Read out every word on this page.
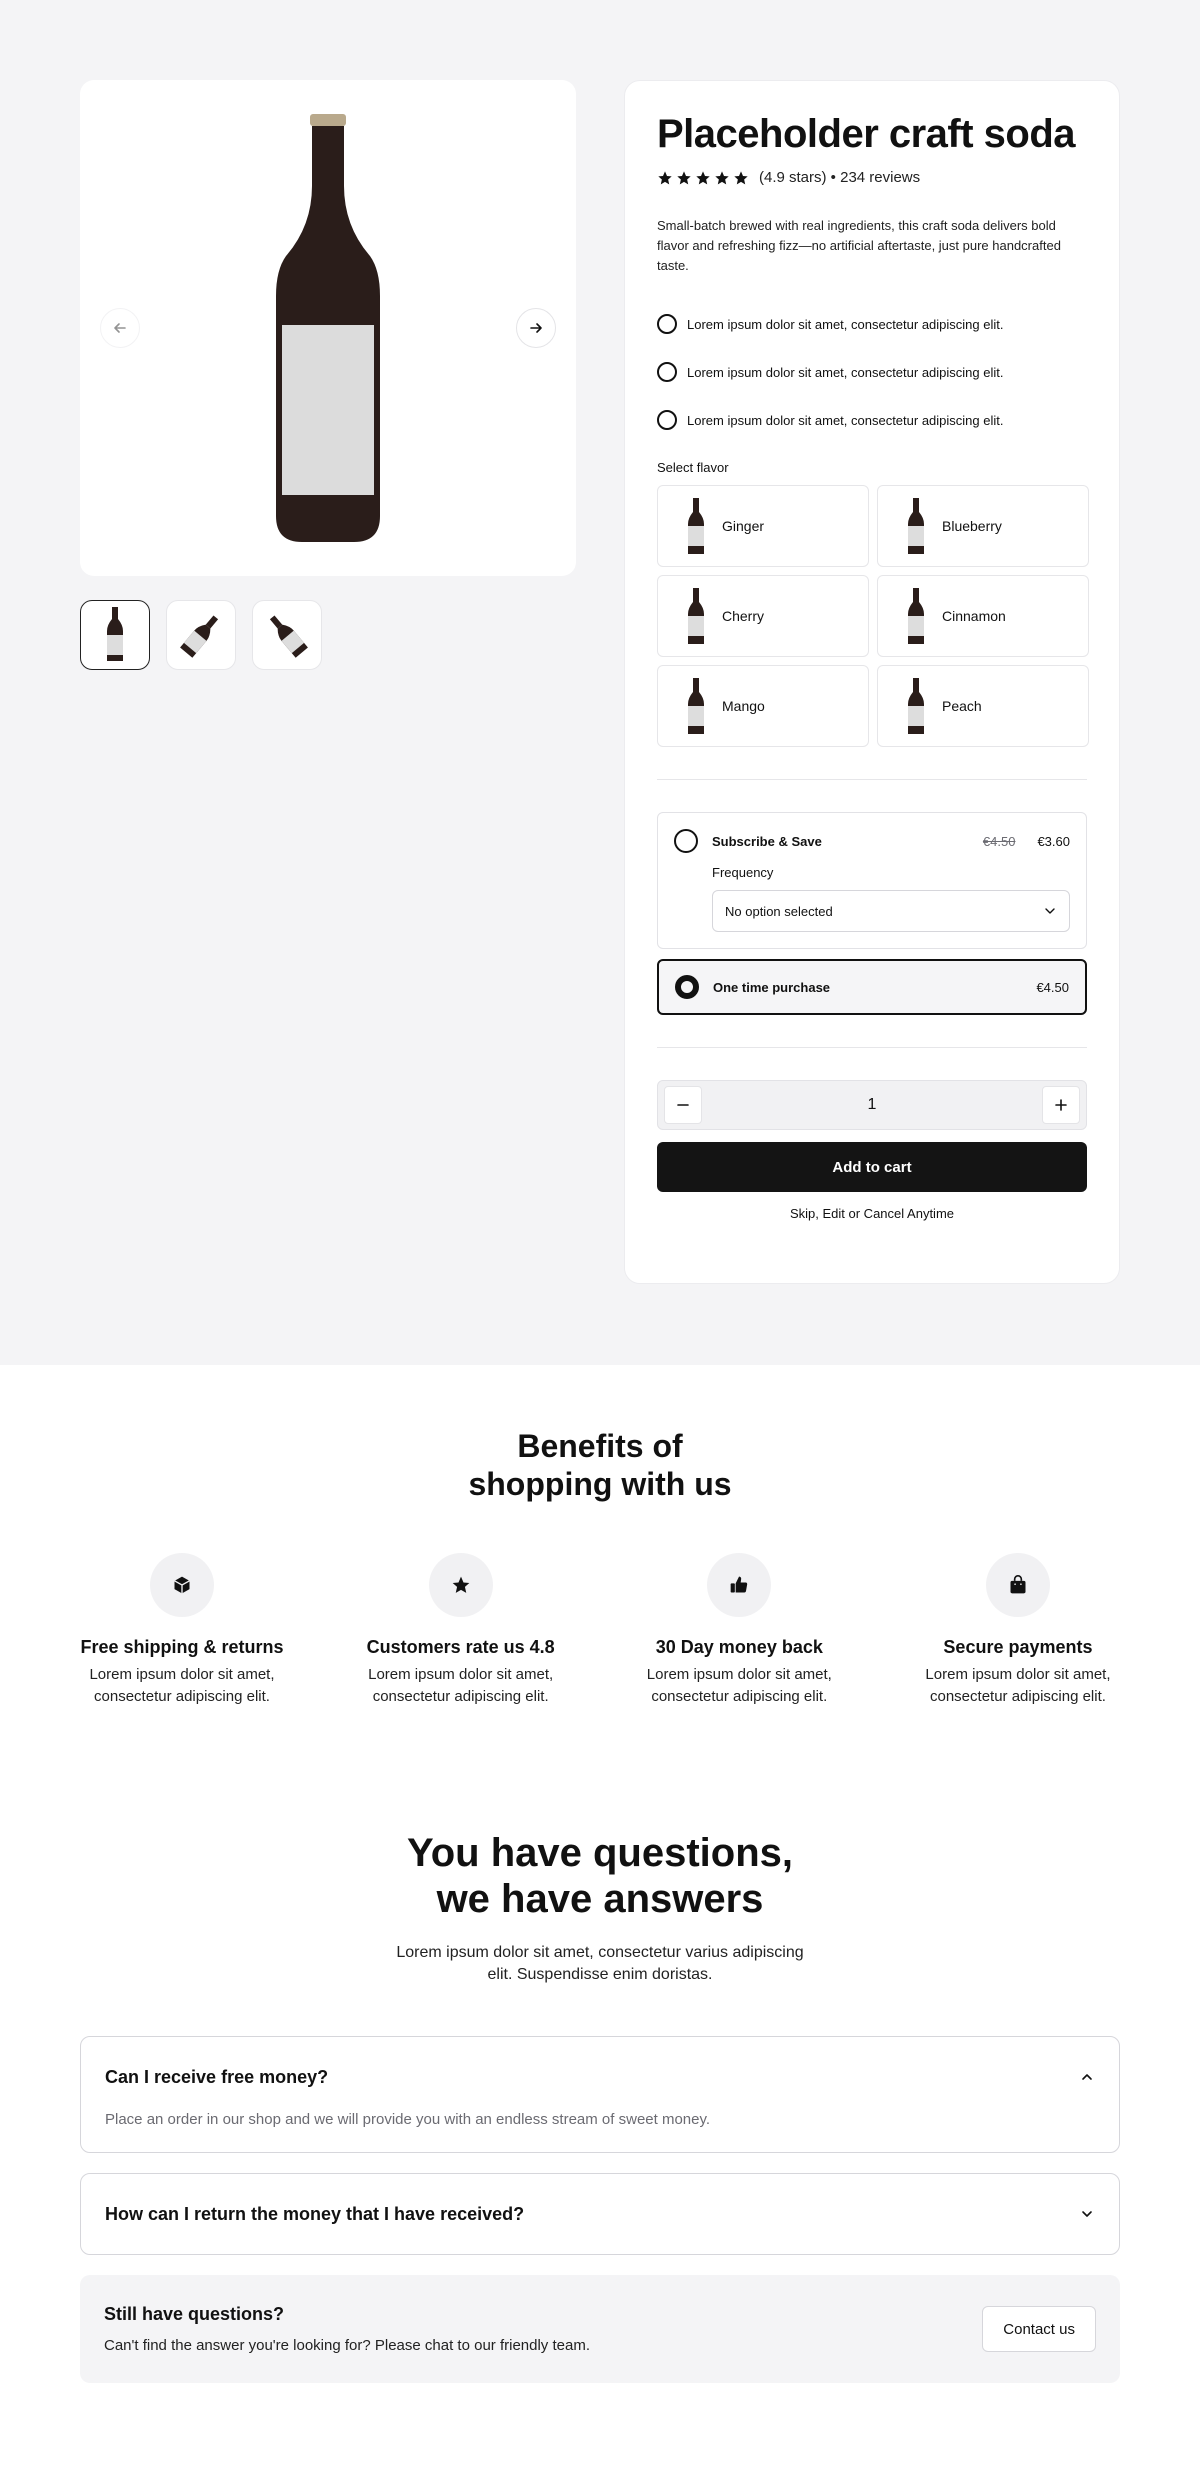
Placeholder craft soda
(4.9 stars) • 234 reviews

Small-batch brewed with real ingredients, this craft soda delivers bold flavor and refreshing fizz—no artificial aftertaste, just pure handcrafted taste.

Lorem ipsum dolor sit amet, consectetur adipiscing elit.
Lorem ipsum dolor sit amet, consectetur adipiscing elit.
Lorem ipsum dolor sit amet, consectetur adipiscing elit.
Select flavor
Ginger	Blueberry
Cherry	Cinnamon
Mango	Peach
Subscribe & Save	€4.50 €3.60
Frequency
No option selected
One time purchase	€4.50
1
Add to cart
Skip, Edit or Cancel Anytime
Benefits of
shopping with us
Free shipping & returns

Lorem ipsum dolor sit amet, consectetur adipiscing elit.

Customers rate us 4.8

Lorem ipsum dolor sit amet, consectetur adipiscing elit.

30 Day money back

Lorem ipsum dolor sit amet, consectetur adipiscing elit.

Secure payments

Lorem ipsum dolor sit amet, consectetur adipiscing elit.

You have questions,
we have answers

Lorem ipsum dolor sit amet, consectetur varius adipiscing elit. Suspendisse enim doristas.

Can I receive free money?
Place an order in our shop and we will provide you with an endless stream of sweet money.
How can I return the money that I have received?
Still have questions?

Can't find the answer you're looking for? Please chat to our friendly team.

Contact us
